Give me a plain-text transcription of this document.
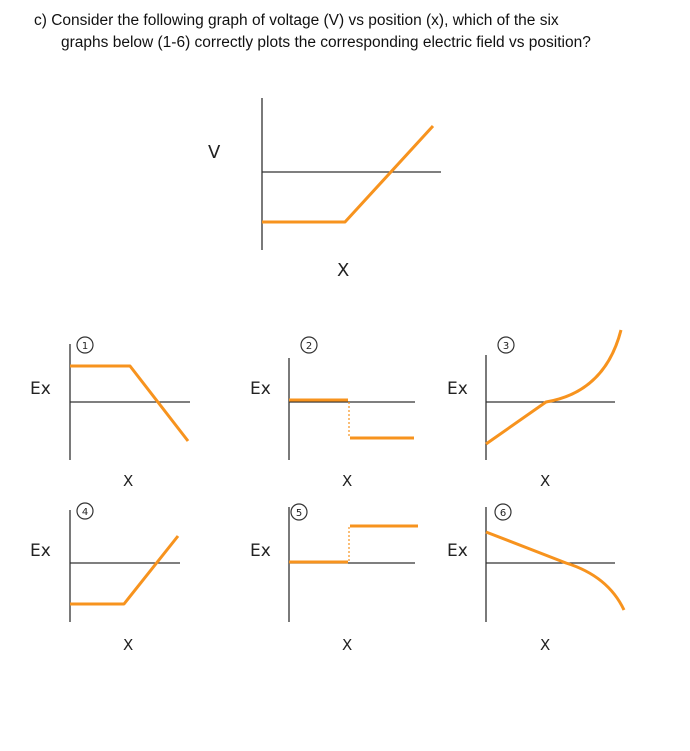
c) Consider the following graph of voltage (V) vs position (x), which of the six
graphs below (1-6) correctly plots the corresponding electric field vs position?
V
X
1
Ex
X
2
Ex
X
3
Ex
X
4
Ex
X
5
Ex
X
6
Ex
X
